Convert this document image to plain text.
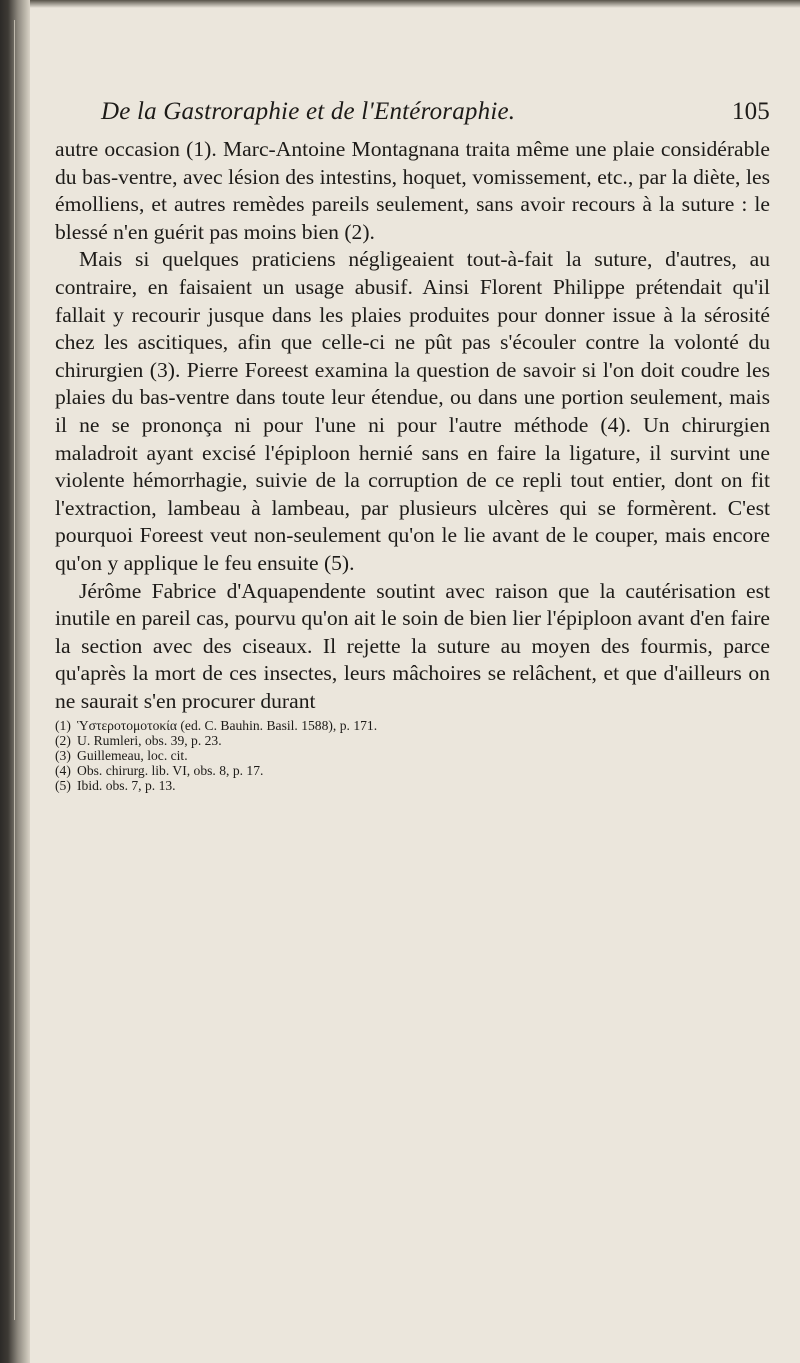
De la Gastroraphie et de l'Entéroraphie.	105

autre occasion (1). Marc-Antoine Montagnana traita même une plaie considérable du bas-ventre, avec lésion des intestins, hoquet, vomissement, etc., par la diète, les émolliens, et autres remèdes pareils seulement, sans avoir recours à la suture : le blessé n'en guérit pas moins bien (2).

Mais si quelques praticiens négligeaient tout-à-fait la suture, d'autres, au contraire, en faisaient un usage abusif. Ainsi Florent Philippe prétendait qu'il fallait y recourir jusque dans les plaies produites pour donner issue à la sérosité chez les ascitiques, afin que celle-ci ne pût pas s'écouler contre la volonté du chirurgien (3). Pierre Foreest examina la question de savoir si l'on doit coudre les plaies du bas-ventre dans toute leur étendue, ou dans une portion seulement, mais il ne se prononça ni pour l'une ni pour l'autre méthode (4). Un chirurgien maladroit ayant excisé l'épiploon hernié sans en faire la ligature, il survint une violente hémorrhagie, suivie de la corruption de ce repli tout entier, dont on fit l'extraction, lambeau à lambeau, par plusieurs ulcères qui se formèrent. C'est pourquoi Foreest veut non-seulement qu'on le lie avant de le couper, mais encore qu'on y applique le feu ensuite (5).

Jérôme Fabrice d'Aquapendente soutint avec raison que la cautérisation est inutile en pareil cas, pourvu qu'on ait le soin de bien lier l'épiploon avant d'en faire la section avec des ciseaux. Il rejette la suture au moyen des fourmis, parce qu'après la mort de ces insectes, leurs mâchoires se relâchent, et que d'ailleurs on ne saurait s'en procurer durant

(1) Ὑστεροτομοτοκία (ed. C. Bauhin. Basil. 1588), p. 171.

(2) U. Rumleri, obs. 39, p. 23.

(3) Guillemeau, loc. cit.

(4) Obs. chirurg. lib. VI, obs. 8, p. 17.

(5) Ibid. obs. 7, p. 13.
